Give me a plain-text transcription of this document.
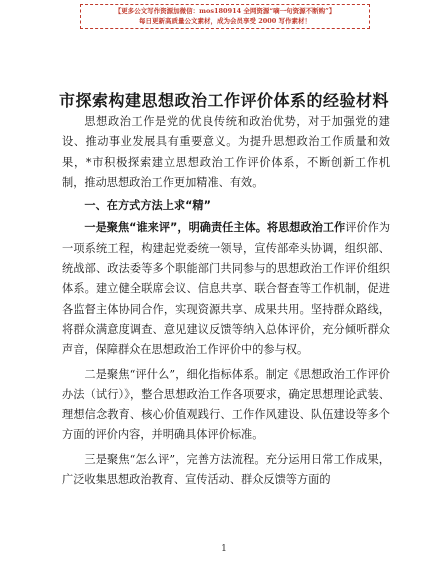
【更多公文写作资源加微信：mos180914 全网资源“嘀一句资源不断购”】
每日更新高质量公文素材，成为会员享受 2000 写作素材！
市探索构建思想政治工作评价体系的经验材料

思想政治工作是党的优良传统和政治优势，对于加强党的建设、推动事业发展具有重要意义。为提升思想政治工作质量和效果，*市积极探索建立思想政治工作评价体系，不断创新工作机制，推动思想政治工作更加精准、有效。

一、在方式方法上求“精”

一是聚焦“谁来评”，明确责任主体。将思想政治工作评价作为一项系统工程，构建起党委统一领导，宣传部牵头协调，组织部、统战部、政法委等多个职能部门共同参与的思想政治工作评价组织体系。建立健全联席会议、信息共享、联合督查等工作机制，促进各监督主体协同合作，实现资源共享、成果共用。坚持群众路线，将群众满意度调查、意见建议反馈等纳入总体评价，充分倾听群众声音，保障群众在思想政治工作评价中的参与权。

二是聚焦“评什么”，细化指标体系。制定《思想政治工作评价办法（试行）》，整合思想政治工作各项要求，确定思想理论武装、理想信念教育、核心价值观践行、工作作风建设、队伍建设等多个方面的评价内容，并明确具体评价标准。

三是聚焦“怎么评”，完善方法流程。充分运用日常工作成果，广泛收集思想政治教育、宣传活动、群众反馈等方面的

1
